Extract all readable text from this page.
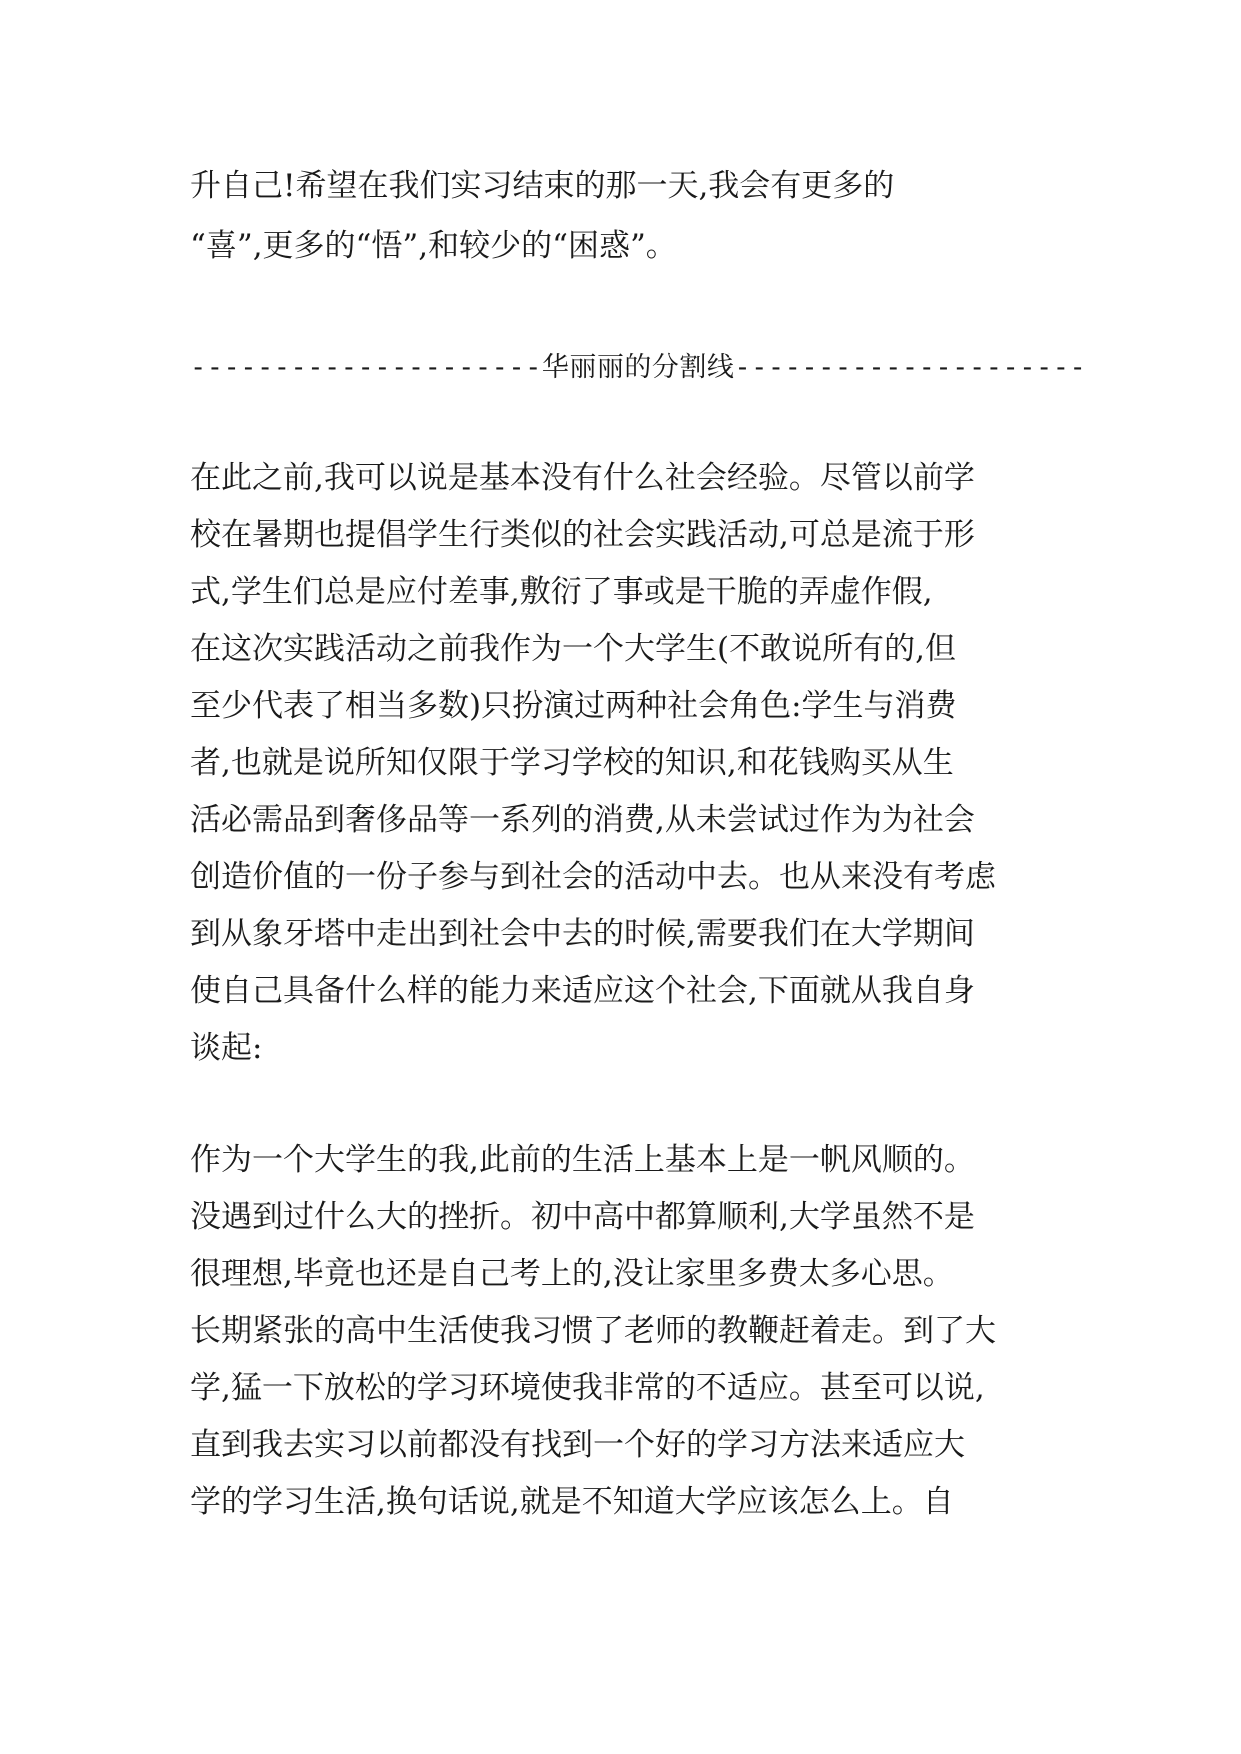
升自己!希望在我们实习结束的那一天,我会有更多的
“喜”,更多的“悟”,和较少的“困惑”。
---------------------华丽丽的分割线---------------------
在此之前,我可以说是基本没有什么社会经验。尽管以前学
校在暑期也提倡学生行类似的社会实践活动,可总是流于形
式,学生们总是应付差事,敷衍了事或是干脆的弄虚作假,
在这次实践活动之前我作为一个大学生(不敢说所有的,但
至少代表了相当多数)只扮演过两种社会角色:学生与消费
者,也就是说所知仅限于学习学校的知识,和花钱购买从生
活必需品到奢侈品等一系列的消费,从未尝试过作为为社会
创造价值的一份子参与到社会的活动中去。也从来没有考虑
到从象牙塔中走出到社会中去的时候,需要我们在大学期间
使自己具备什么样的能力来适应这个社会,下面就从我自身
谈起:
作为一个大学生的我,此前的生活上基本上是一帆风顺的。
没遇到过什么大的挫折。初中高中都算顺利,大学虽然不是
很理想,毕竟也还是自己考上的,没让家里多费太多心思。
长期紧张的高中生活使我习惯了老师的教鞭赶着走。到了大
学,猛一下放松的学习环境使我非常的不适应。甚至可以说,
直到我去实习以前都没有找到一个好的学习方法来适应大
学的学习生活,换句话说,就是不知道大学应该怎么上。自
